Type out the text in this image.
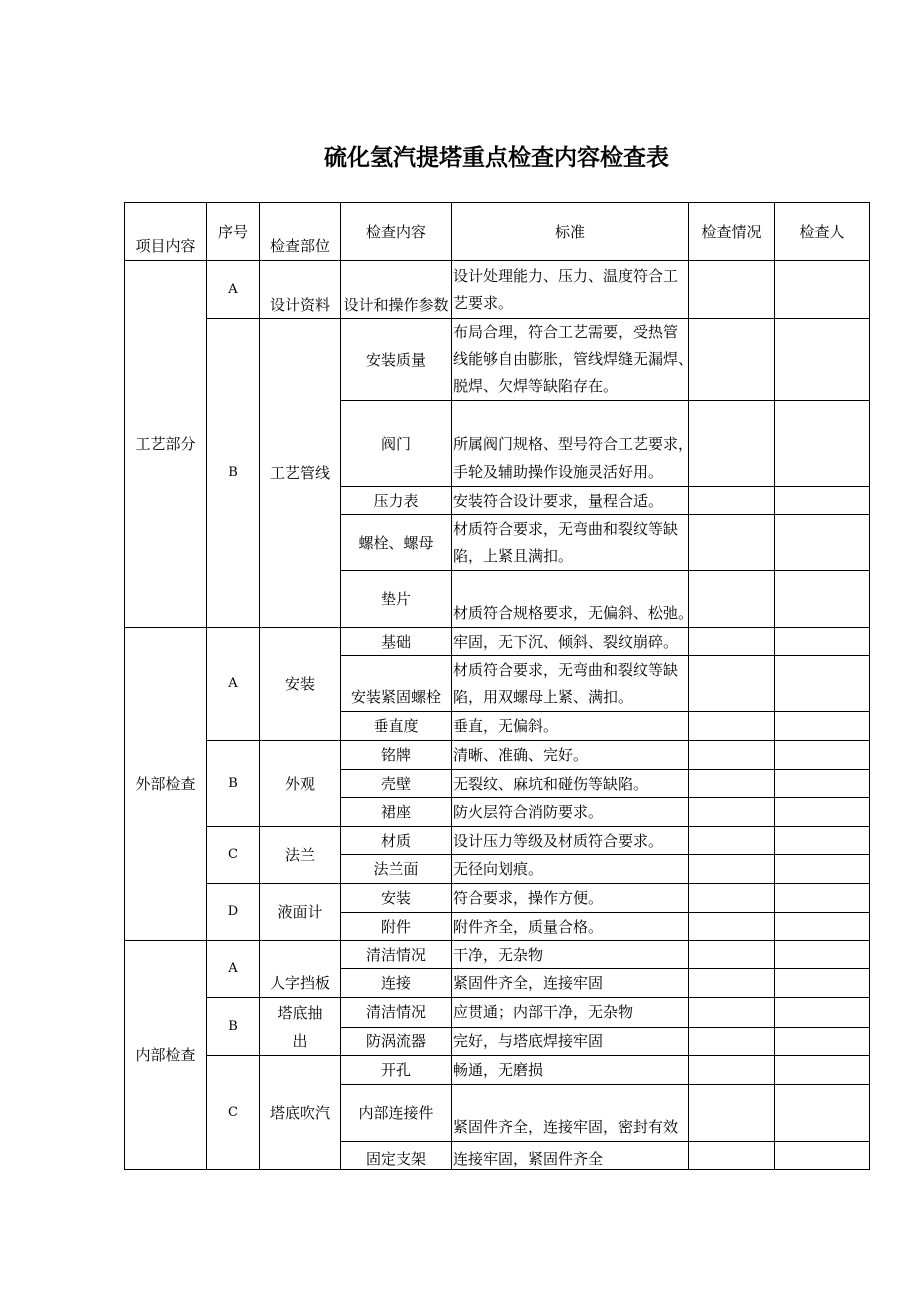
硫化氢汽提塔重点检查内容检查表
项目内容	序号	检查部位	检查内容	标准	检查情况	检查人
工艺部分	A	设计资料	设计和操作参数	设计处理能力、压力、温度符合工
艺要求。		

	B	工艺管线	安装质量	布局合理，符合工艺需要，受热管
线能够自由膨胀，管线焊缝无漏焊、
脱焊、欠焊等缺陷存在。		

			阀门	所属阀门规格、型号符合工艺要求，
手轮及辅助操作设施灵活好用。		

			压力表	安装符合设计要求，量程合适。		

			螺栓、螺母	材质符合要求，无弯曲和裂纹等缺
陷，上紧且满扣。		

			垫片	材质符合规格要求，无偏斜、松弛。		

外部检查	A	安装	基础	牢固，无下沉、倾斜、裂纹崩碎。		

			安装紧固螺栓	材质符合要求，无弯曲和裂纹等缺
陷，用双螺母上紧、满扣。		

			垂直度	垂直，无偏斜。		

	B	外观	铭牌	清晰、准确、完好。		

			壳壁	无裂纹、麻坑和碰伤等缺陷。		

			裙座	防火层符合消防要求。		

	C	法兰	材质	设计压力等级及材质符合要求。		

			法兰面	无径向划痕。		

	D	液面计	安装	符合要求，操作方便。		

			附件	附件齐全，质量合格。		

内部检查	A	人字挡板	清洁情况	干净，无杂物		

			连接	紧固件齐全，连接牢固		

	B	塔底抽
出	清洁情况	应贯通；内部干净，无杂物		

			防涡流器	完好，与塔底焊接牢固		

	C	塔底吹汽	开孔	畅通，无磨损		

			内部连接件	紧固件齐全，连接牢固，密封有效		

			固定支架	连接牢固，紧固件齐全		
